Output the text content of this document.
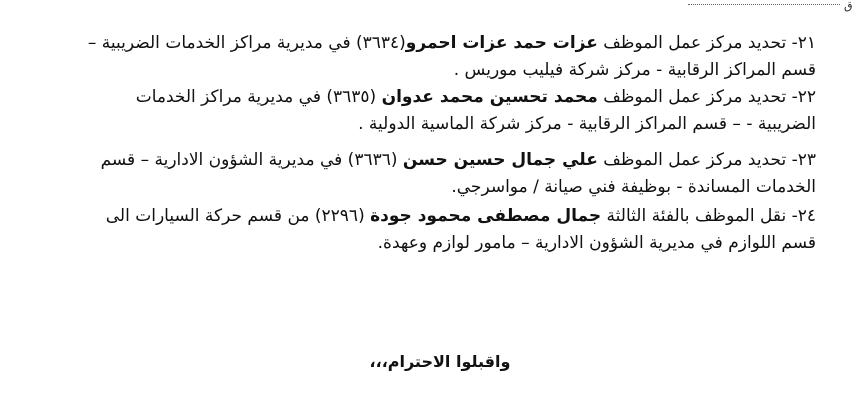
ق

٢١- تحديد مركز عمل الموظف عزات حمد عزات احمرو(٣٦٣٤) في مديرية مراكز الخدمات الضريبية – قسم المراكز الرقابية - مركز شركة فيليب موريس .

٢٢- تحديد مركز عمل الموظف محمد تحسين محمد عدوان (٣٦٣٥) في مديرية مراكز الخدمات الضريبية - – قسم المراكز الرقابية - مركز شركة الماسية الدولية .

٢٣- تحديد مركز عمل الموظف علي جمال حسين حسن (٣٦٣٦) في مديرية الشؤون الادارية – قسم الخدمات المساندة - بوظيفة فني صيانة / مواسرجي.

٢٤- نقل الموظف بالفئة الثالثة جمال مصطفى محمود جودة (٢٢٩٦) من قسم حركة السيارات الى قسم اللوازم في مديرية الشؤون الادارية – مامور لوازم وعهدة.

واقبلوا الاحترام،،،
